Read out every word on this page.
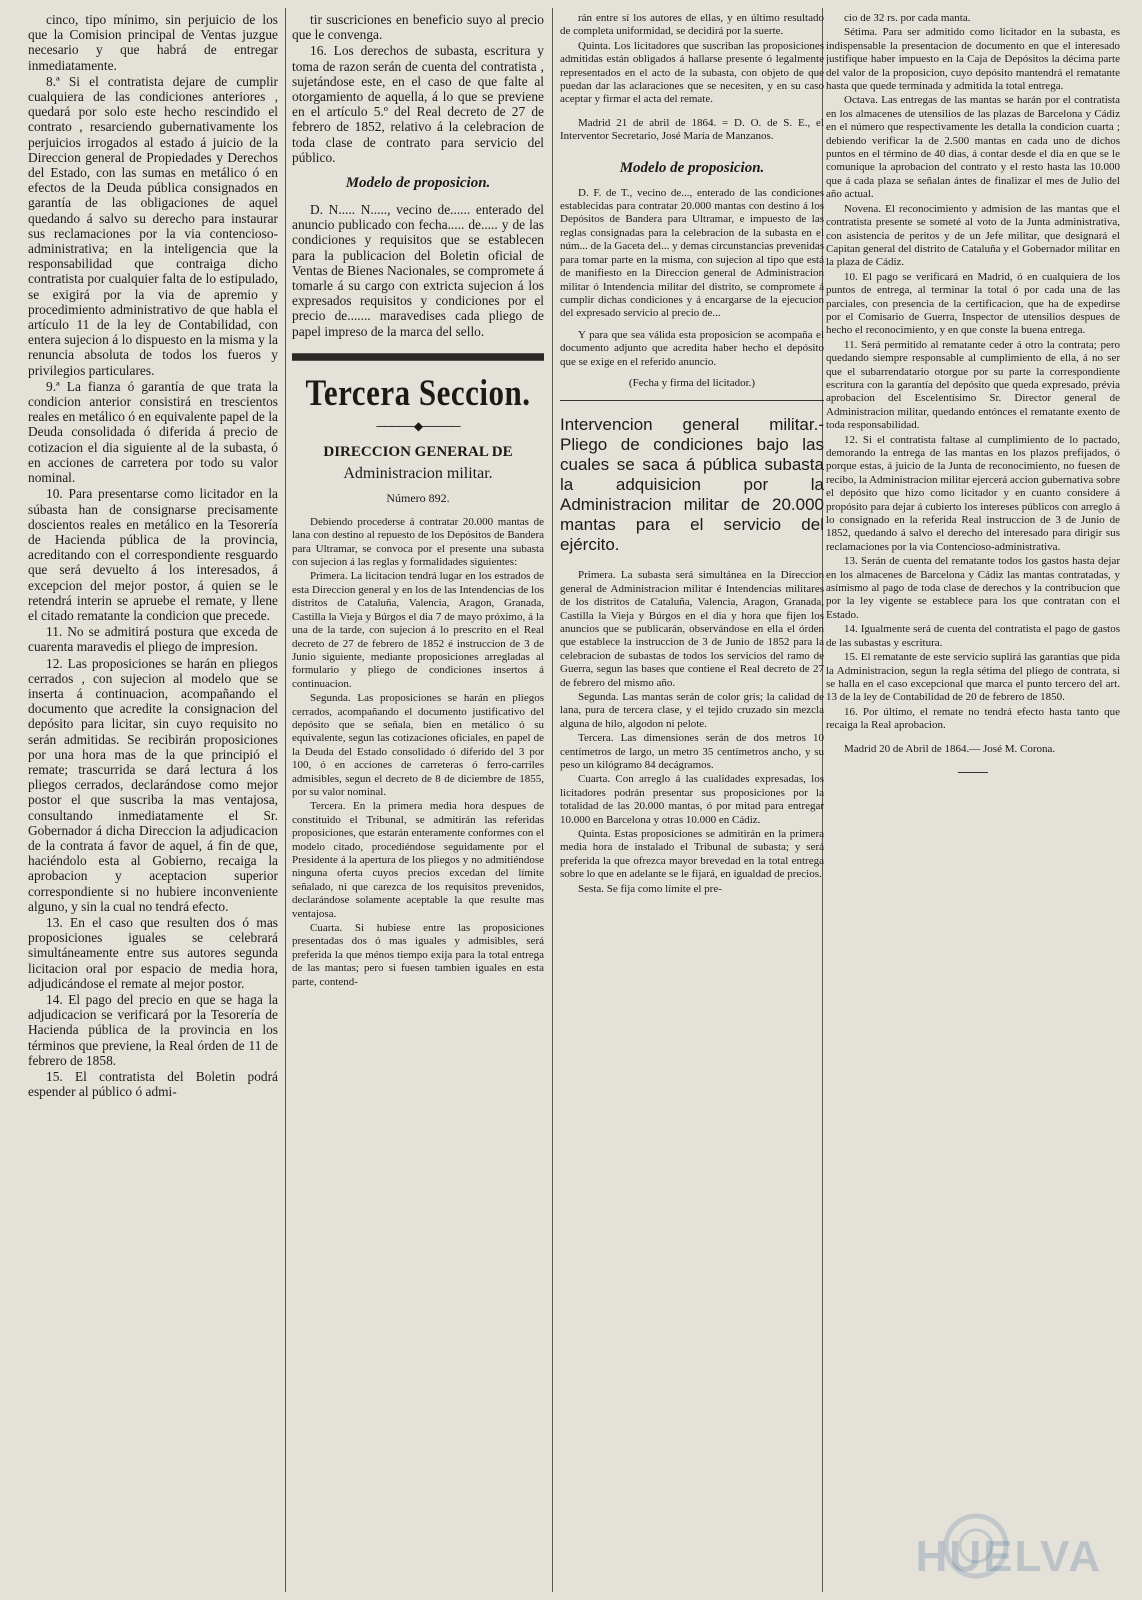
cinco, tipo mínimo, sin perjuicio de los que la Comision principal de Ventas juzgue necesario y que habrá de entregar inmediatamente.

8.ª Si el contratista dejare de cumplir cualquiera de las condiciones anteriores , quedará por solo este hecho rescindido el contrato , resarciendo gubernativamente los perjuicios irrogados al estado á juicio de la Direccion general de Propiedades y Derechos del Estado, con las sumas en metálico ó en efectos de la Deuda pública consignados en garantía de las obligaciones de aquel quedando á salvo su derecho para instaurar sus reclamaciones por la via contencioso-administrativa; en la inteligencia que la responsabilidad que contraiga dicho contratista por cualquier falta de lo estipulado, se exigirá por la via de apremio y procedimiento administrativo de que habla el artículo 11 de la ley de Contabilidad, con entera sujecion á lo dispuesto en la misma y la renuncia absoluta de todos los fueros y privilegios particulares.

9.ª La fianza ó garantía de que trata la condicion anterior consistirá en trescientos reales en metálico ó en equivalente papel de la Deuda consolidada ó diferida á precio de cotizacion el dia siguiente al de la subasta, ó en acciones de carretera por todo su valor nominal.

10. Para presentarse como licitador en la súbasta han de consignarse precisamente doscientos reales en metálico en la Tesorería de Hacienda pública de la provincia, acreditando con el correspondiente resguardo que será devuelto á los interesados, á excepcion del mejor postor, á quien se le retendrá interin se apruebe el remate, y llene el citado rematante la condicion que precede.

11. No se admitirá postura que exceda de cuarenta maravedis el pliego de impresion.

12. Las proposiciones se harán en pliegos cerrados , con sujecion al modelo que se inserta á continuacion, acompañando el documento que acredite la consignacion del depósito para licitar, sin cuyo requisito no serán admitidas. Se recibirán proposiciones por una hora mas de la que principió el remate; trascurrida se dará lectura á los pliegos cerrados, declarándose como mejor postor el que suscriba la mas ventajosa, consultando inmediatamente el Sr. Gobernador á dicha Direccion la adjudicacion de la contrata á favor de aquel, á fin de que, haciéndolo esta al Gobierno, recaiga la aprobacion y aceptacion superior correspondiente si no hubiere inconveniente alguno, y sin la cual no tendrá efecto.

13. En el caso que resulten dos ó mas proposiciones iguales se celebrará simultáneamente entre sus autores segunda licitacion oral por espacio de media hora, adjudicándose el remate al mejor postor.

14. El pago del precio en que se haga la adjudicacion se verificará por la Tesorería de Hacienda pública de la provincia en los términos que previene, la Real órden de 11 de febrero de 1858.

15. El contratista del Boletin podrá espender al público ó admi-

tir suscriciones en beneficio suyo al precio que le convenga.

16. Los derechos de subasta, escritura y toma de razon serán de cuenta del contratista , sujetándose este, en el caso de que falte al otorgamiento de aquella, á lo que se previene en el artículo 5.º del Real decreto de 27 de febrero de 1852, relativo á la celebracion de toda clase de contrato para servicio del público.

Modelo de proposicion.

D. N..... N....., vecino de...... enterado del anuncio publicado con fecha..... de..... y de las condiciones y requisitos que se establecen para la publicacion del Boletin oficial de Ventas de Bienes Nacionales, se compromete á tomarle á su cargo con extricta sujecion á los expresados requisitos y condiciones por el precio de....... maravedises cada pliego de papel impreso de la marca del sello.

Tercera Seccion.
─────◆─────
DIRECCION GENERAL DE
Administracion militar.
Número 892.

Debiendo procederse á contratar 20.000 mantas de lana con destino al repuesto de los Depósitos de Bandera para Ultramar, se convoca por el presente una subasta con sujecion á las reglas y formalidades siguientes:

Primera. La licitacion tendrá lugar en los estrados de esta Direccion general y en los de las Intendencias de los distritos de Cataluña, Valencia, Aragon, Granada, Castilla la Vieja y Búrgos el dia 7 de mayo próximo, á la una de la tarde, con sujecion á lo prescrito en el Real decreto de 27 de febrero de 1852 é instruccion de 3 de Junio siguiente, mediante proposiciones arregladas al formulario y pliego de condiciones insertos á continuacion.

Segunda. Las proposiciones se harán en pliegos cerrados, acompañando el documento justificativo del depósito que se señala, bien en metálico ó su equivalente, segun las cotizaciones oficiales, en papel de la Deuda del Estado consolidado ó diferido del 3 por 100, ó en acciones de carreteras ó ferro-carriles admisibles, segun el decreto de 8 de diciembre de 1855, por su valor nominal.

Tercera. En la primera media hora despues de constituido el Tribunal, se admitirán las referidas proposiciones, que estarán enteramente conformes con el modelo citado, procediéndose seguidamente por el Presidente á la apertura de los pliegos y no admitiéndose ninguna oferta cuyos precios excedan del límite señalado, ni que carezca de los requisitos prevenidos, declarándose solamente aceptable la que resulte mas ventajosa.

Cuarta. Si hubiese entre las proposiciones presentadas dos ó mas iguales y admisibles, será preferida la que ménos tiempo exija para la total entrega de las mantas; pero si fuesen tambien iguales en esta parte, contend-

rán entre sí los autores de ellas, y en último resultado de completa uniformidad, se decidirá por la suerte.

Quinta. Los licitadores que suscriban las proposiciones admitidas están obligados á hallarse presente ó legalmente representados en el acto de la subasta, con objeto de que puedan dar las aclaraciones que se necesiten, y en su caso aceptar y firmar el acta del remate.

Madrid 21 de abril de 1864. = D. O. de S. E., el Interventor Secretario, José María de Manzanos.

Modelo de proposicion.

D. F. de T., vecino de..., enterado de las condiciones establecidas para contratar 20.000 mantas con destino á los Depósitos de Bandera para Ultramar, e impuesto de las reglas consignadas para la celebracion de la subasta en el núm... de la Gaceta del... y demas circunstancias prevenidas para tomar parte en la misma, con sujecion al tipo que está de manifiesto en la Direccion general de Administracion militar ó Intendencia militar del distrito, se compromete á cumplir dichas condiciones y á encargarse de la ejecucion del expresado servicio al precio de...

Y para que sea válida esta proposicion se acompaña el documento adjunto que acredita haber hecho el depósito que se exige en el referido anuncio.

(Fecha y firma del licitador.)

Intervencion general militar.- Pliego de condiciones bajo las cuales se saca á pública subasta la adquisicion por la Administracion militar de 20.000 mantas para el servicio del ejército.

Primera. La subasta será simultánea en la Direccion general de Administracion militar é Intendencias militares de los distritos de Cataluña, Valencia, Aragon, Granada, Castilla la Vieja y Búrgos en el dia y hora que fijen los anuncios que se publicarán, observándose en ella el órden que establece la instruccion de 3 de Junio de 1852 para la celebracion de subastas de todos los servicios del ramo de Guerra, segun las bases que contiene el Real decreto de 27 de febrero del mismo año.

Segunda. Las mantas serán de color gris; la calidad de lana, pura de tercera clase, y el tejido cruzado sin mezcla alguna de hilo, algodon ni pelote.

Tercera. Las dimensiones serán de dos metros 10 centímetros de largo, un metro 35 centímetros ancho, y su peso un kilógramo 84 decágramos.

Cuarta. Con arreglo á las cualidades expresadas, los licitadores podrán presentar sus proposiciones por la totalidad de las 20.000 mantas, ó por mitad para entregar 10.000 en Barcelona y otras 10.000 en Cádiz.

Quinta. Estas proposiciones se admitirán en la primera media hora de instalado el Tribunal de subasta; y será preferida la que ofrezca mayor brevedad en la total entrega sobre lo que en adelante se le fijará, en igualdad de precios.

Sesta. Se fija como límite el pre-

cio de 32 rs. por cada manta.

Sétima. Para ser admitido como licitador en la subasta, es indispensable la presentacion de documento en que el interesado justifique haber impuesto en la Caja de Depósitos la décima parte del valor de la proposicion, cuyo depósito mantendrá el rematante hasta que quede terminada y admitida la total entrega.

Octava. Las entregas de las mantas se harán por el contratista en los almacenes de utensilios de las plazas de Barcelona y Cádiz en el número que respectivamente les detalla la condicion cuarta ; debiendo verificar la de 2.500 mantas en cada uno de dichos puntos en el término de 40 dias, á contar desde el dia en que se le comunique la aprobacion del contrato y el resto hasta las 10.000 que á cada plaza se señalan ántes de finalizar el mes de Julio del año actual.

Novena. El reconocimiento y admision de las mantas que el contratista presente se someté al voto de la Junta administrativa, con asistencia de peritos y de un Jefe militar, que designará el Capitan general del distrito de Cataluña y el Gobernador militar en la plaza de Cádiz.

10. El pago se verificará en Madrid, ó en cualquiera de los puntos de entrega, al terminar la total ó por cada una de las parciales, con presencia de la certificacion, que ha de expedirse por el Comisario de Guerra, Inspector de utensilios despues de hecho el reconocimiento, y en que conste la buena entrega.

11. Será permitido al rematante ceder á otro la contrata; pero quedando siempre responsable al cumplimiento de ella, á no ser que el subarrendatario otorgue por su parte la correspondiente escritura con la garantía del depósito que queda expresado, prévia aprobacion del Escelentísimo Sr. Director general de Administracion militar, quedando entónces el rematante exento de toda responsabilidad.

12. Si el contratista faltase al cumplimiento de lo pactado, demorando la entrega de las mantas en los plazos prefijados, ó porque estas, á juicio de la Junta de reconocimiento, no fuesen de recibo, la Administracion militar ejercerá accion gubernativa sobre el depósito que hizo como licitador y en cuanto considere á propósito para dejar á cubierto los intereses públicos con arreglo á lo consignado en la referida Real instruccion de 3 de Junio de 1852, quedando á salvo el derecho del interesado para dirigir sus reclamaciones por la via Contencioso-administrativa.

13. Serán de cuenta del rematante todos los gastos hasta dejar en los almacenes de Barcelona y Cádiz las mantas contratadas, y asímismo al pago de toda clase de derechos y la contribucion que por la ley vigente se establece para los que contratan con el Estado.

14. Igualmente será de cuenta del contratista el pago de gastos de las subastas y escritura.

15. El rematante de este servicio suplirá las garantías que pida la Administracion, segun la regla sétima del pliego de contrata, si se halla en el caso excepcional que marca el punto tercero del art. 13 de la ley de Contabilidad de 20 de febrero de 1850.

16. Por último, el remate no tendrá efecto hasta tanto que recaiga la Real aprobacion.

Madrid 20 de Abril de 1864.— José M. Corona.

HUELVA
